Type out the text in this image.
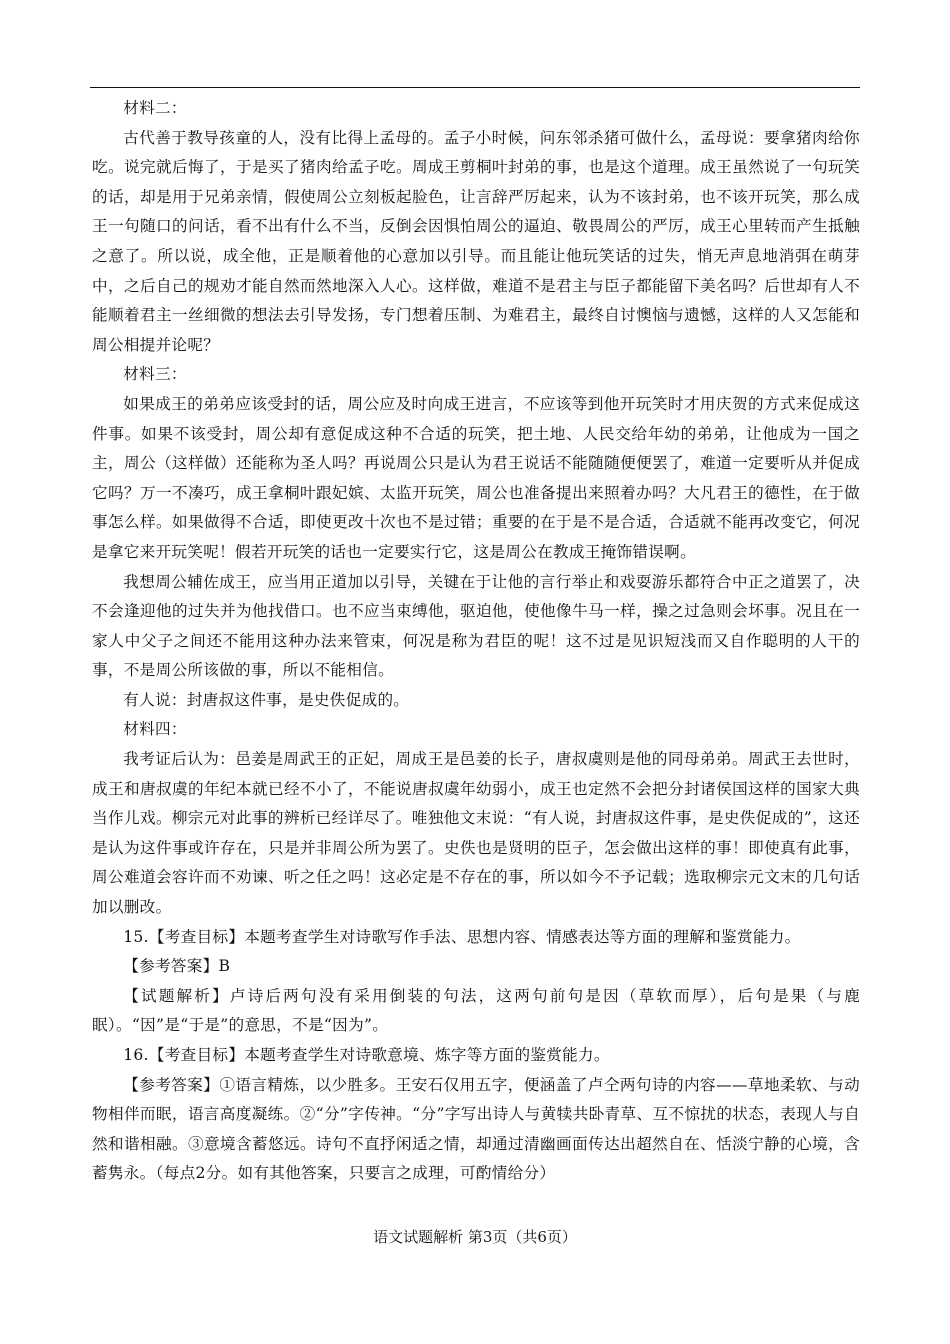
材料二：

古代善于教导孩童的人，没有比得上孟母的。孟子小时候，问东邻杀猪可做什么，孟母说：要拿猪肉给你吃。说完就后悔了，于是买了猪肉给孟子吃。周成王剪桐叶封弟的事，也是这个道理。成王虽然说了一句玩笑的话，却是用于兄弟亲情，假使周公立刻板起脸色，让言辞严厉起来，认为不该封弟，也不该开玩笑，那么成王一句随口的问话，看不出有什么不当，反倒会因惧怕周公的逼迫、敬畏周公的严厉，成王心里转而产生抵触之意了。所以说，成全他，正是顺着他的心意加以引导。而且能让他玩笑话的过失，悄无声息地消弭在萌芽中，之后自己的规劝才能自然而然地深入人心。这样做，难道不是君主与臣子都能留下美名吗？后世却有人不能顺着君主一丝细微的想法去引导发扬，专门想着压制、为难君主，最终自讨懊恼与遗憾，这样的人又怎能和周公相提并论呢？

材料三：

如果成王的弟弟应该受封的话，周公应及时向成王进言，不应该等到他开玩笑时才用庆贺的方式来促成这件事。如果不该受封，周公却有意促成这种不合适的玩笑，把土地、人民交给年幼的弟弟，让他成为一国之主，周公（这样做）还能称为圣人吗？再说周公只是认为君王说话不能随随便便罢了，难道一定要听从并促成它吗？万一不凑巧，成王拿桐叶跟妃嫔、太监开玩笑，周公也准备提出来照着办吗？大凡君王的德性，在于做事怎么样。如果做得不合适，即使更改十次也不是过错；重要的在于是不是合适，合适就不能再改变它，何况是拿它来开玩笑呢！假若开玩笑的话也一定要实行它，这是周公在教成王掩饰错误啊。

我想周公辅佐成王，应当用正道加以引导，关键在于让他的言行举止和戏耍游乐都符合中正之道罢了，决不会逢迎他的过失并为他找借口。也不应当束缚他，驱迫他，使他像牛马一样，操之过急则会坏事。况且在一家人中父子之间还不能用这种办法来管束，何况是称为君臣的呢！这不过是见识短浅而又自作聪明的人干的事，不是周公所该做的事，所以不能相信。

有人说：封唐叔这件事，是史佚促成的。

材料四：

我考证后认为：邑姜是周武王的正妃，周成王是邑姜的长子，唐叔虞则是他的同母弟弟。周武王去世时，成王和唐叔虞的年纪本就已经不小了，不能说唐叔虞年幼弱小，成王也定然不会把分封诸侯国这样的国家大典当作儿戏。柳宗元对此事的辨析已经详尽了。唯独他文末说：“有人说，封唐叔这件事，是史佚促成的”，这还是认为这件事或许存在，只是并非周公所为罢了。史佚也是贤明的臣子，怎会做出这样的事！即使真有此事，周公难道会容许而不劝谏、听之任之吗！这必定是不存在的事，所以如今不予记载；选取柳宗元文末的几句话加以删改。

15.【考查目标】本题考查学生对诗歌写作手法、思想内容、情感表达等方面的理解和鉴赏能力。

【参考答案】B

【试题解析】卢诗后两句没有采用倒装的句法，这两句前句是因（草软而厚），后句是果（与鹿眠）。“因”是“于是”的意思，不是“因为”。

16.【考查目标】本题考查学生对诗歌意境、炼字等方面的鉴赏能力。

【参考答案】①语言精炼，以少胜多。王安石仅用五字，便涵盖了卢仝两句诗的内容——草地柔软、与动物相伴而眠，语言高度凝练。②“分”字传神。“分”字写出诗人与黄犊共卧青草、互不惊扰的状态，表现人与自然和谐相融。③意境含蓄悠远。诗句不直抒闲适之情，却通过清幽画面传达出超然自在、恬淡宁静的心境，含蓄隽永。（每点2分。如有其他答案，只要言之成理，可酌情给分）

语文试题解析 第3页（共6页）
